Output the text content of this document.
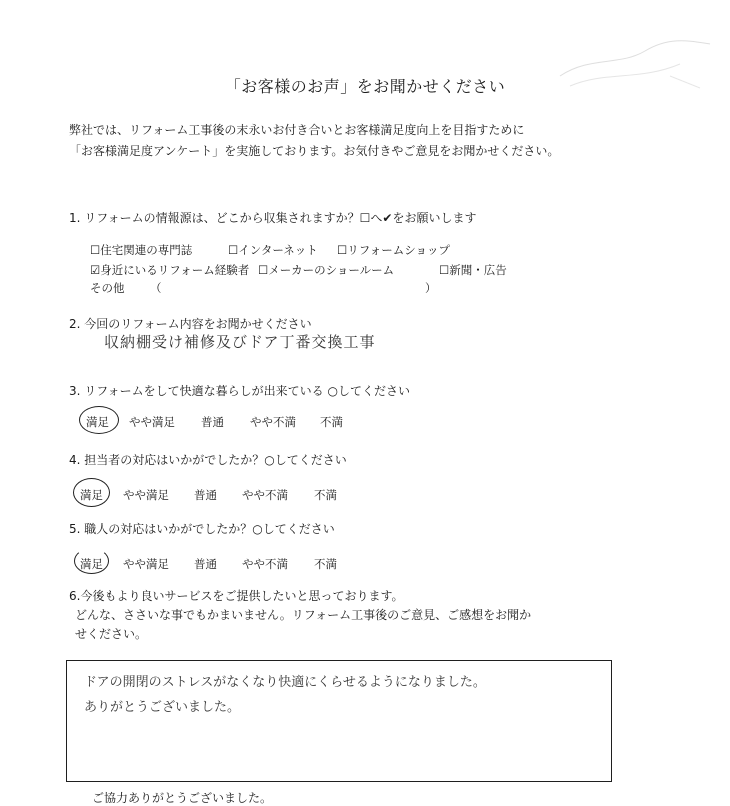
「お客様のお声」をお聞かせください
弊社では、リフォーム工事後の末永いお付き合いとお客様満足度向上を目指すために
「お客様満足度アンケート」を実施しております。お気付きやご意見をお聞かせください。
1. リフォームの情報源は、どこから収集されますか？☐へ✔をお願いします
☐住宅関連の専門誌	☐インターネット ☐リフォームショップ
☑身近にいるリフォーム経験者 ☐メーカーのショールーム	☐新聞・広告
その他 （	）
2. 今回のリフォーム内容をお聞かせください
収納棚受け補修及びドア丁番交換工事
3. リフォームをして快適な暮らしが出来ている ○してください
満足 やや満足 普通 やや不満 不満
4. 担当者の対応はいかがでしたか？○してください
満足 やや満足 普通 やや不満 不満
5. 職人の対応はいかがでしたか？○してください
満足 やや満足 普通 やや不満 不満
6.今後もより良いサービスをご提供したいと思っております。
どんな、ささいな事でもかまいません。リフォーム工事後のご意見、ご感想をお聞か
せください。
ドアの開閉のストレスがなくなり快適にくらせるようになりました。
ありがとうございました。
ご協力ありがとうございました。
